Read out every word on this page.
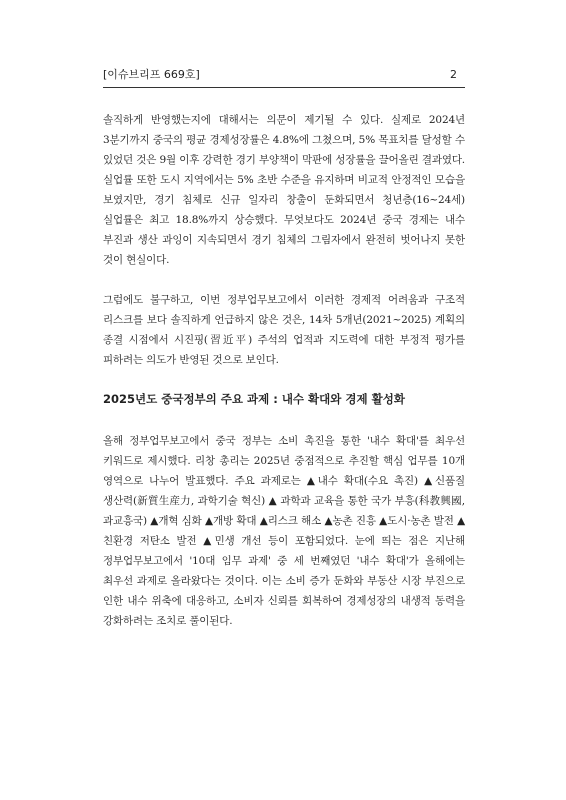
[이슈브리프 669호]	2

솔직하게 반영했는지에 대해서는 의문이 제기될 수 있다. 실제로 2024년 3분기까지 중국의 평균 경제성장률은 4.8%에 그쳤으며, 5% 목표치를 달성할 수 있었던 것은 9월 이후 강력한 경기 부양책이 막판에 성장률을 끌어올린 결과였다. 실업률 또한 도시 지역에서는 5% 초반 수준을 유지하며 비교적 안정적인 모습을 보였지만, 경기 침체로 신규 일자리 창출이 둔화되면서 청년층(16~24세) 실업률은 최고 18.8%까지 상승했다. 무엇보다도 2024년 중국 경제는 내수 부진과 생산 과잉이 지속되면서 경기 침체의 그림자에서 완전히 벗어나지 못한 것이 현실이다.

그럼에도 불구하고, 이번 정부업무보고에서 이러한 경제적 어려움과 구조적 리스크를 보다 솔직하게 언급하지 않은 것은, 14차 5개년(2021~2025) 계획의 종결 시점에서 시진핑(習近平) 주석의 업적과 지도력에 대한 부정적 평가를 피하려는 의도가 반영된 것으로 보인다.

2025년도 중국정부의 주요 과제 : 내수 확대와 경제 활성화

올해 정부업무보고에서 중국 정부는 소비 촉진을 통한 '내수 확대'를 최우선 키워드로 제시했다. 리창 총리는 2025년 중점적으로 추진할 핵심 업무를 10개 영역으로 나누어 발표했다. 주요 과제로는 ▲내수 확대(수요 촉진) ▲신품질 생산력(新質生産力, 과학기술 혁신) ▲ 과학과 교육을 통한 국가 부흥(科教興國, 과교흥국) ▲개혁 심화 ▲개방 확대 ▲리스크 해소 ▲농촌 진흥 ▲도시·농촌 발전 ▲친환경 저탄소 발전 ▲민생 개선 등이 포함되었다. 눈에 띄는 점은 지난해 정부업무보고에서 '10대 임무 과제' 중 세 번째였던 '내수 확대'가 올해에는 최우선 과제로 올라왔다는 것이다. 이는 소비 증가 둔화와 부동산 시장 부진으로 인한 내수 위축에 대응하고, 소비자 신뢰를 회복하여 경제성장의 내생적 동력을 강화하려는 조치로 풀이된다.
